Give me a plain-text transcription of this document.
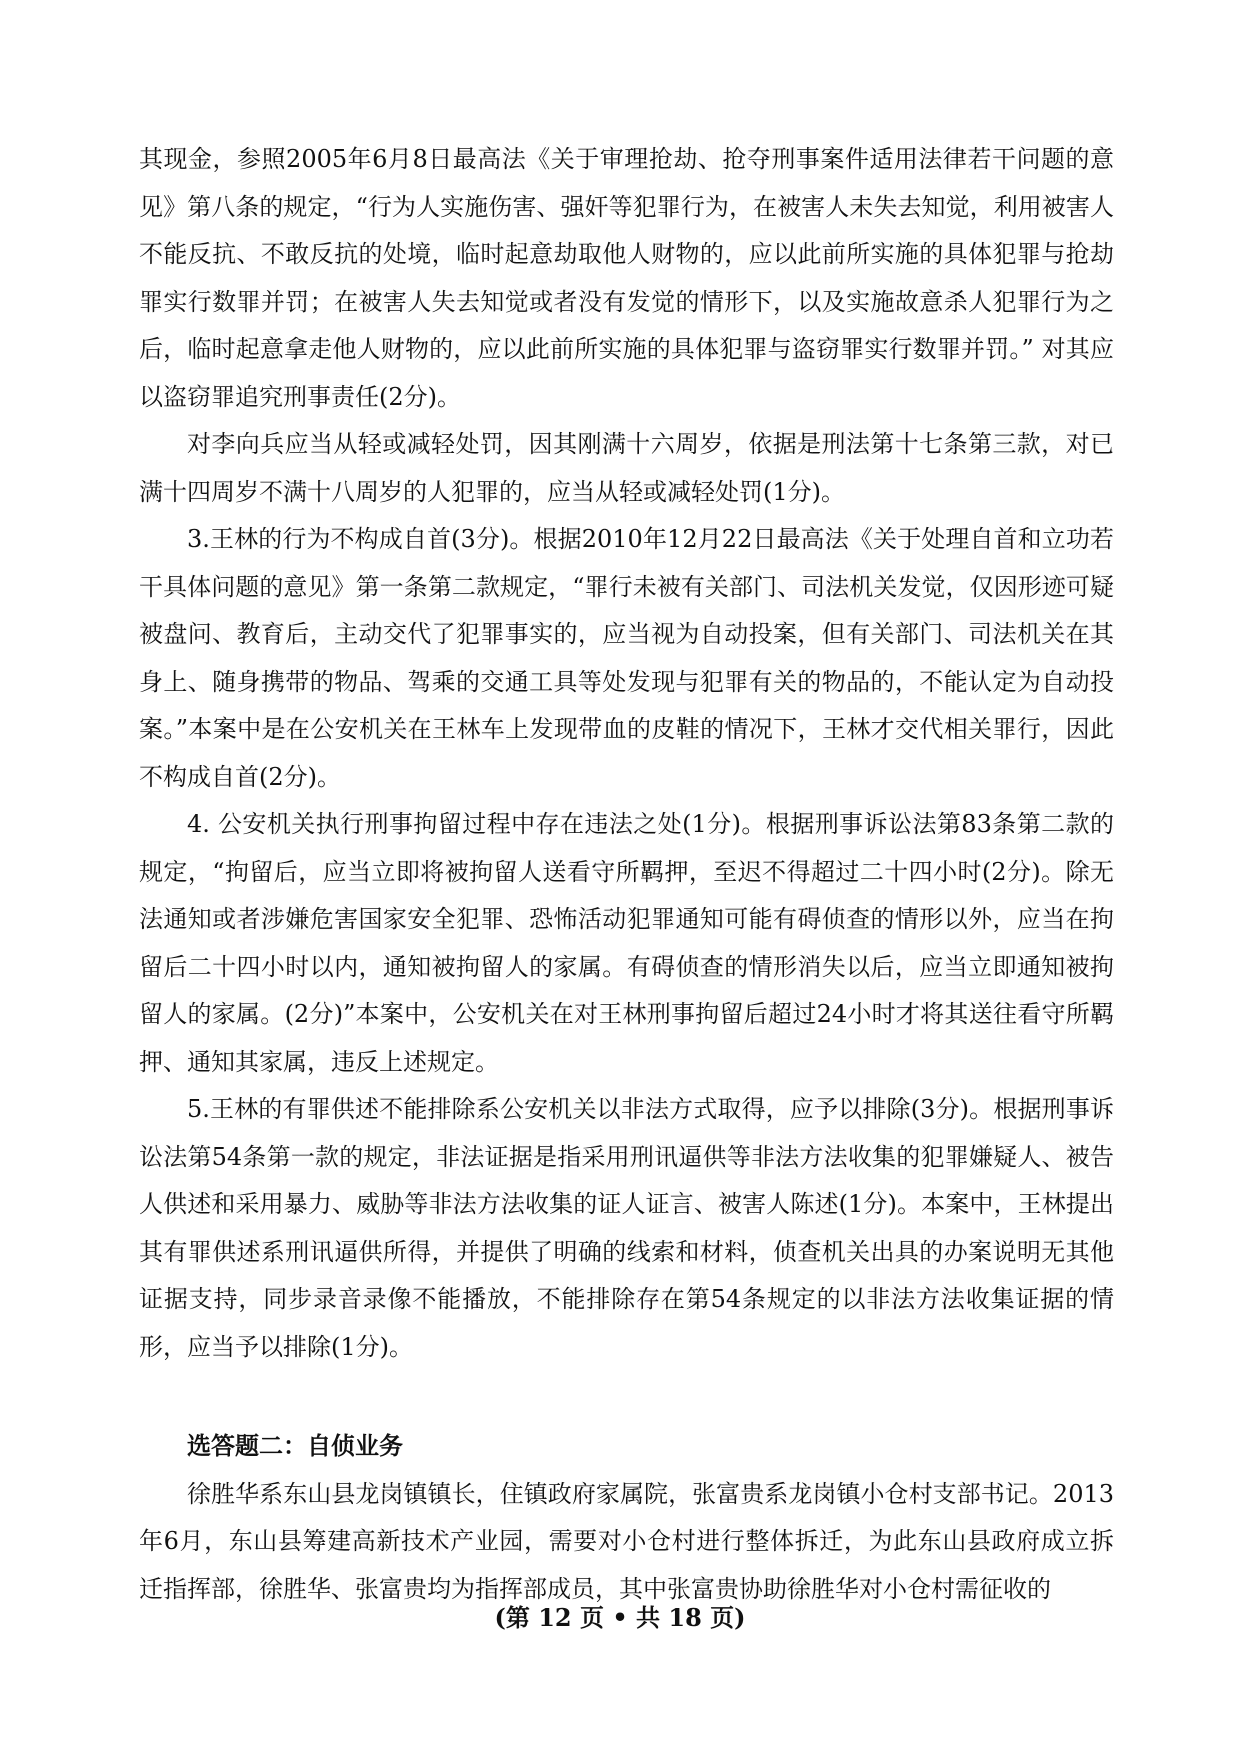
其现金，参照2005年6月8日最高法《关于审理抢劫、抢夺刑事案件适用法律若干问题的意见》第八条的规定，“行为人实施伤害、强奸等犯罪行为，在被害人未失去知觉，利用被害人不能反抗、不敢反抗的处境，临时起意劫取他人财物的，应以此前所实施的具体犯罪与抢劫罪实行数罪并罚；在被害人失去知觉或者没有发觉的情形下，以及实施故意杀人犯罪行为之后，临时起意拿走他人财物的，应以此前所实施的具体犯罪与盗窃罪实行数罪并罚。” 对其应以盗窃罪追究刑事责任(2分)。

对李向兵应当从轻或减轻处罚，因其刚满十六周岁，依据是刑法第十七条第三款，对已满十四周岁不满十八周岁的人犯罪的，应当从轻或减轻处罚(1分)。

3.王林的行为不构成自首(3分)。根据2010年12月22日最高法《关于处理自首和立功若干具体问题的意见》第一条第二款规定，“罪行未被有关部门、司法机关发觉，仅因形迹可疑被盘问、教育后，主动交代了犯罪事实的，应当视为自动投案，但有关部门、司法机关在其身上、随身携带的物品、驾乘的交通工具等处发现与犯罪有关的物品的，不能认定为自动投案。”本案中是在公安机关在王林车上发现带血的皮鞋的情况下，王林才交代相关罪行，因此不构成自首(2分)。

4. 公安机关执行刑事拘留过程中存在违法之处(1分)。根据刑事诉讼法第83条第二款的规定，“拘留后，应当立即将被拘留人送看守所羁押，至迟不得超过二十四小时(2分)。除无法通知或者涉嫌危害国家安全犯罪、恐怖活动犯罪通知可能有碍侦查的情形以外，应当在拘留后二十四小时以内，通知被拘留人的家属。有碍侦查的情形消失以后，应当立即通知被拘留人的家属。(2分)”本案中，公安机关在对王林刑事拘留后超过24小时才将其送往看守所羁押、通知其家属，违反上述规定。

5.王林的有罪供述不能排除系公安机关以非法方式取得，应予以排除(3分)。根据刑事诉讼法第54条第一款的规定，非法证据是指采用刑讯逼供等非法方法收集的犯罪嫌疑人、被告人供述和采用暴力、威胁等非法方法收集的证人证言、被害人陈述(1分)。本案中，王林提出其有罪供述系刑讯逼供所得，并提供了明确的线索和材料，侦查机关出具的办案说明无其他证据支持，同步录音录像不能播放，不能排除存在第54条规定的以非法方法收集证据的情形，应当予以排除(1分)。

选答题二：自侦业务

徐胜华系东山县龙岗镇镇长，住镇政府家属院，张富贵系龙岗镇小仓村支部书记。2013年6月，东山县筹建高新技术产业园，需要对小仓村进行整体拆迁，为此东山县政府成立拆迁指挥部，徐胜华、张富贵均为指挥部成员，其中张富贵协助徐胜华对小仓村需征收的

(第 12 页 • 共 18 页)
